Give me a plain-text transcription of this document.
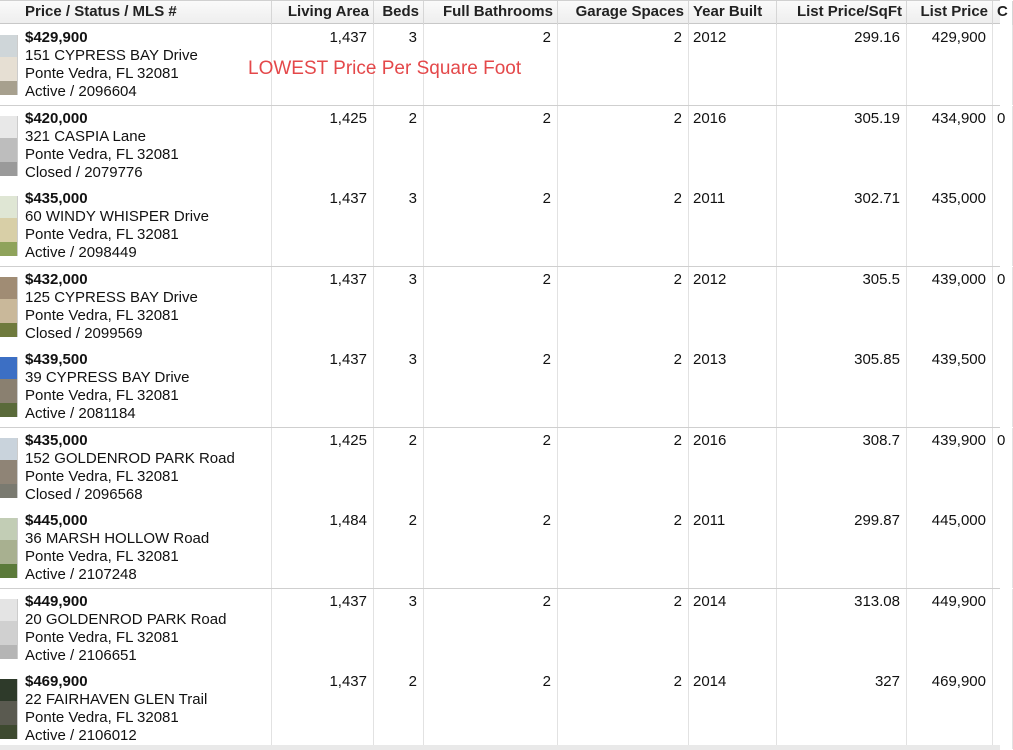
Price / Status / MLS #	Living Area Beds	Full Bathrooms	Garage Spaces Year Built	List Price/SqFt	List Price C
$429,900
151 CYPRESS BAY Drive
Ponte Vedra, FL 32081
Active / 2096604
1,437	3	2	2 2012	299.16	429,900
$420,000
321 CASPIA Lane
Ponte Vedra, FL 32081
Closed / 2079776
1,425	2	2	2 2016	305.19	434,900 0
$435,000
60 WINDY WHISPER Drive
Ponte Vedra, FL 32081
Active / 2098449
1,437	3	2	2 2011	302.71	435,000
$432,000
125 CYPRESS BAY Drive
Ponte Vedra, FL 32081
Closed / 2099569
1,437	3	2	2 2012	305.5	439,000 0
$439,500
39 CYPRESS BAY Drive
Ponte Vedra, FL 32081
Active / 2081184
1,437	3	2	2 2013	305.85	439,500
$435,000
152 GOLDENROD PARK Road
Ponte Vedra, FL 32081
Closed / 2096568
1,425	2	2	2 2016	308.7	439,900 0
$445,000
36 MARSH HOLLOW Road
Ponte Vedra, FL 32081
Active / 2107248
1,484	2	2	2 2011	299.87	445,000
$449,900
20 GOLDENROD PARK Road
Ponte Vedra, FL 32081
Active / 2106651
1,437	3	2	2 2014	313.08	449,900
$469,900
22 FAIRHAVEN GLEN Trail
Ponte Vedra, FL 32081
Active / 2106012
1,437	2	2	2 2014	327	469,900
LOWEST Price Per Square Foot
